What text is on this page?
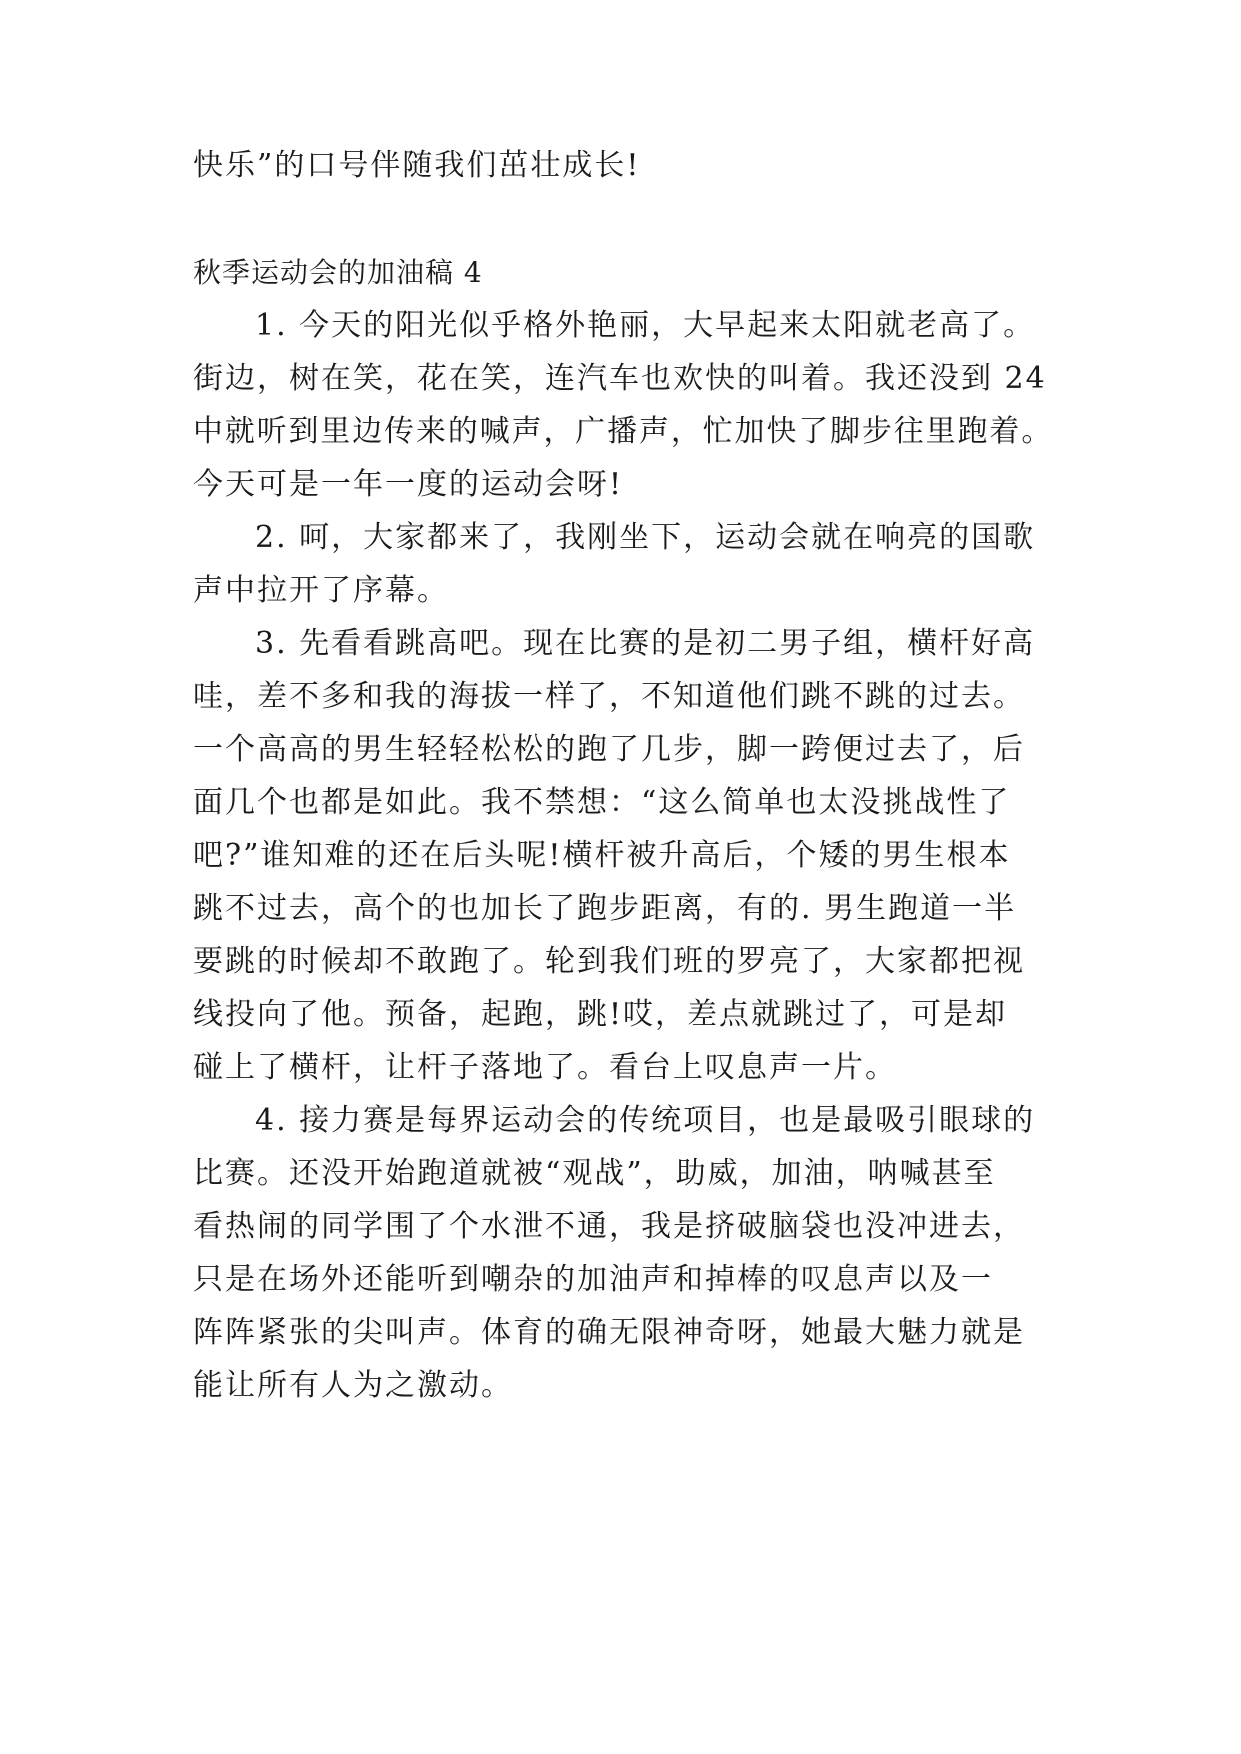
快乐”的口号伴随我们茁壮成长!
秋季运动会的加油稿 4
1. 今天的阳光似乎格外艳丽，大早起来太阳就老高了。
街边，树在笑，花在笑，连汽车也欢快的叫着。我还没到 24
中就听到里边传来的喊声，广播声，忙加快了脚步往里跑着。
今天可是一年一度的运动会呀!
2. 呵，大家都来了，我刚坐下，运动会就在响亮的国歌
声中拉开了序幕。
3. 先看看跳高吧。现在比赛的是初二男子组，横杆好高
哇，差不多和我的海拔一样了，不知道他们跳不跳的过去。
一个高高的男生轻轻松松的跑了几步，脚一跨便过去了，后
面几个也都是如此。我不禁想：“这么简单也太没挑战性了
吧?”谁知难的还在后头呢!横杆被升高后，个矮的男生根本
跳不过去，高个的也加长了跑步距离，有的. 男生跑道一半
要跳的时候却不敢跑了。轮到我们班的罗亮了，大家都把视
线投向了他。预备，起跑，跳!哎，差点就跳过了，可是却
碰上了横杆，让杆子落地了。看台上叹息声一片。
4. 接力赛是每界运动会的传统项目，也是最吸引眼球的
比赛。还没开始跑道就被“观战”，助威，加油，呐喊甚至
看热闹的同学围了个水泄不通，我是挤破脑袋也没冲进去，
只是在场外还能听到嘲杂的加油声和掉棒的叹息声以及一
阵阵紧张的尖叫声。体育的确无限神奇呀，她最大魅力就是
能让所有人为之激动。
